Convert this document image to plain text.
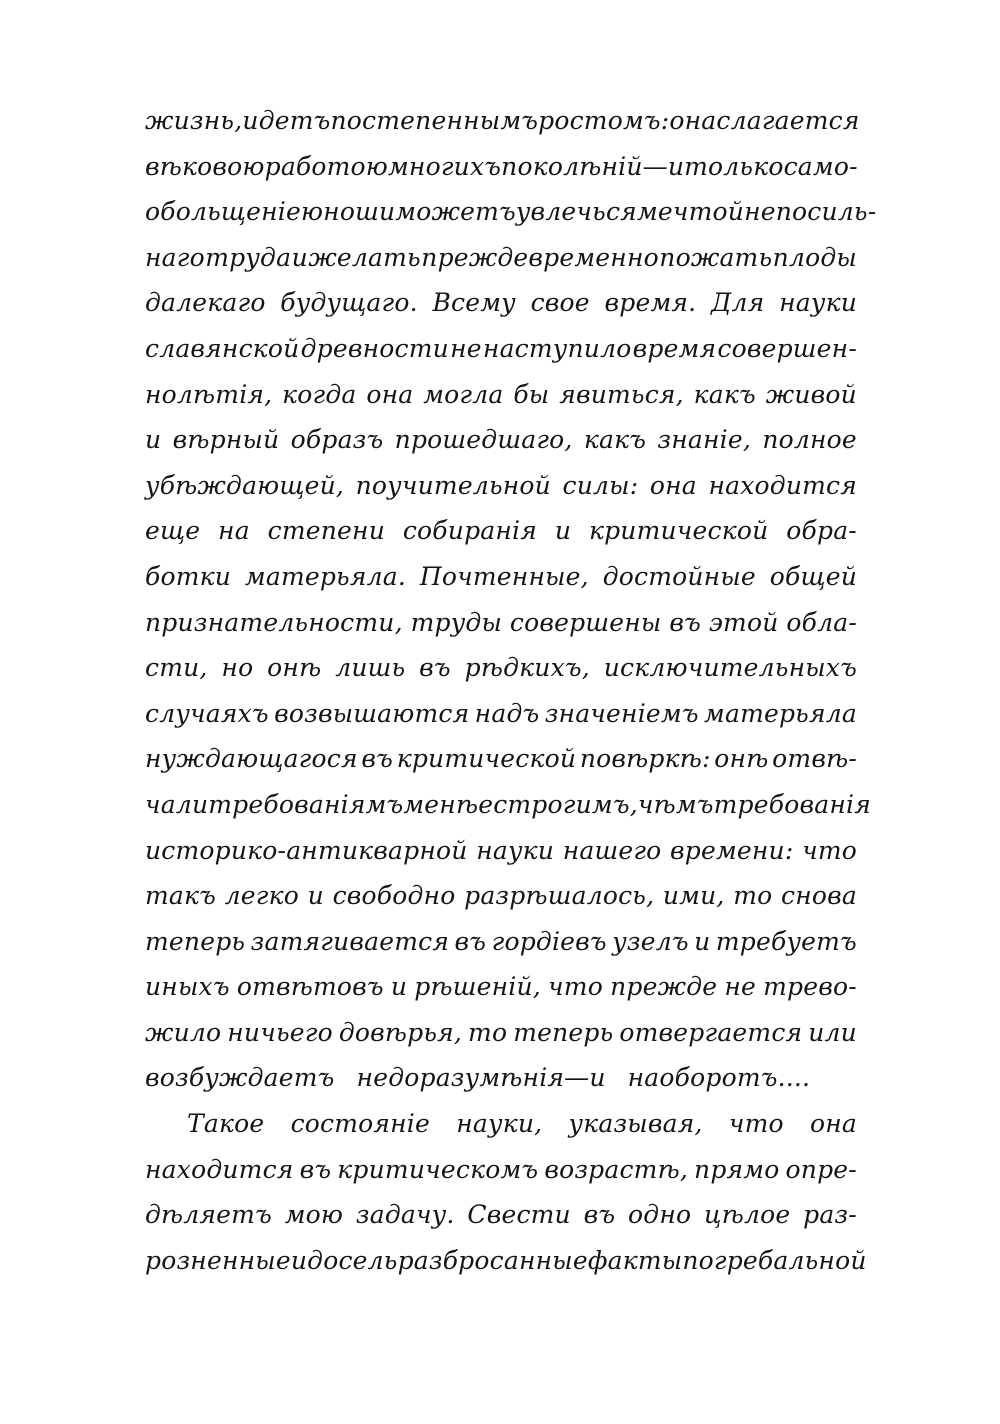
жизнь, идетъ постепеннымъ ростомъ: она слагается
вѣковою работою многихъ поколѣній—и только само-
обольщеніе юноши можетъ увлечься мечтой непосиль-
наго труда и желать преждевременно пожать плоды
далекаго будущаго. Всему свое время. Для науки
славянской древности не наступило время совершен-
нолѣтія, когда она могла бы явиться, какъ живой
и вѣрный образъ прошедшаго, какъ знаніе, полное
убѣждающей, поучительной силы: она находится
еще на степени собиранія и критической обра-
ботки матерьяла. Почтенные, достойные общей
признательности, труды совершены въ этой обла-
сти, но онѣ лишь въ рѣдкихъ, исключительныхъ
случаяхъ возвышаются надъ значеніемъ матерьяла
нуждающагося въ критической повѣркѣ: онѣ отвѣ-
чали требованіямъ менѣе строгимъ, чѣмъ требованія
историко-антикварной науки нашего времени: что
такъ легко и свободно разрѣшалось, ими, то снова
теперь затягивается въ гордіевъ узелъ и требуетъ
иныхъ отвѣтовъ и рѣшеній, что прежде не трево-
жило ничьего довѣрья, то теперь отвергается или
возбуждаетъ недоразумѣнія—и наоборотъ....
Такое состояніе науки, указывая, что она
находится въ критическомъ возрастѣ, прямо опре-
дѣляетъ мою задачу. Свести въ одно цѣлое раз-
розненные и досель разбросанные факты погребальной
